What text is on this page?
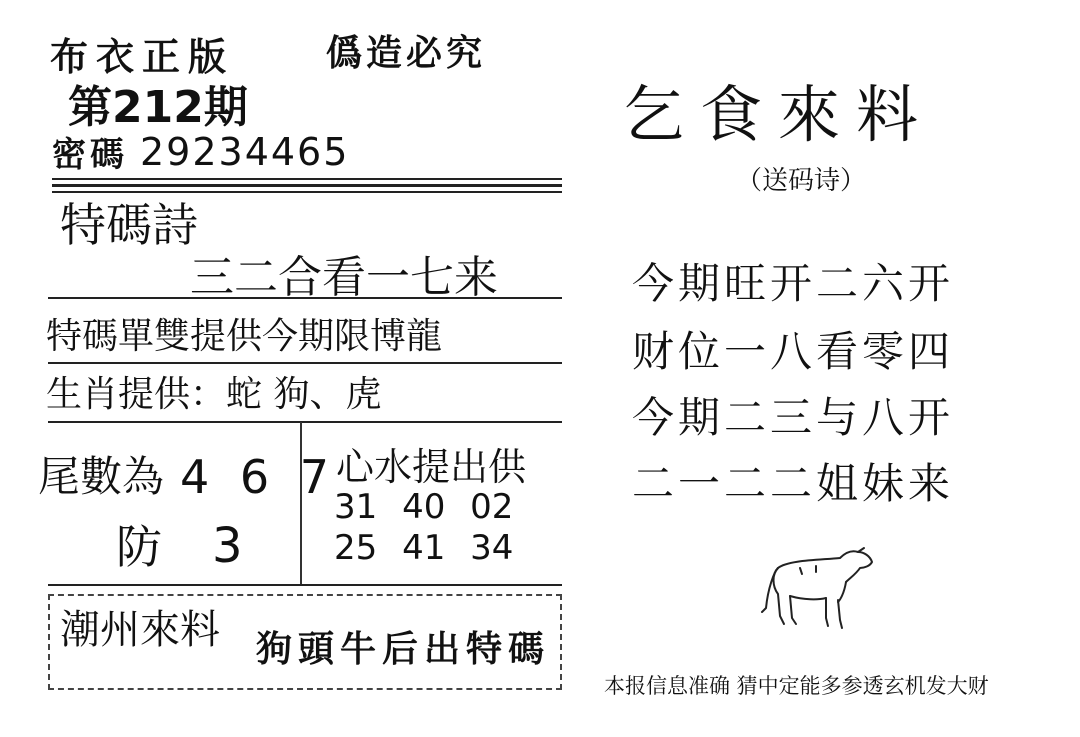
布衣正版	僞造必究
第212期
密碼 29234465
特碼詩
三二合看一七来
特碼單雙提供今期限博龍
生肖提供：蛇 狗、虎
尾數為 4 6 7
防 3
心水提出供
31 40 02
25 41 34
潮州來料 狗頭牛后出特碼
乞食來料
（送码诗）
今期旺开二六开
财位一八看零四
今期二三与八开
二一二二姐妹来
本报信息准确 猜中定能多参透玄机发大财
